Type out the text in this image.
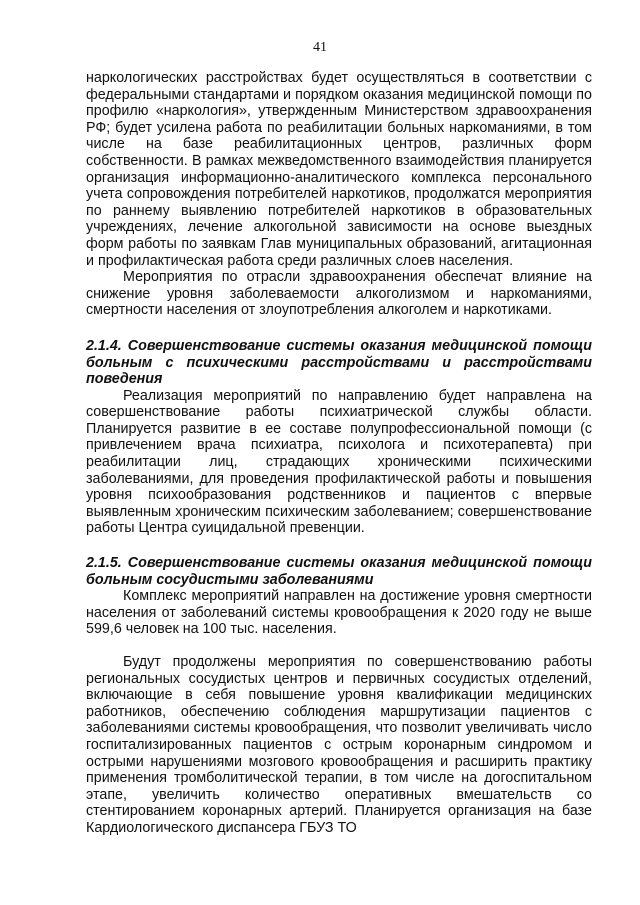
41

наркологических расстройствах будет осуществляться в соответствии с федеральными стандартами и порядком оказания медицинской помощи по профилю «наркология», утвержденным Министерством здравоохранения РФ; будет усилена работа по реабилитации больных наркоманиями, в том числе на базе реабилитационных центров, различных форм собственности. В рамках межведомственного взаимодействия планируется организация информационно-аналитического комплекса персонального учета сопровождения потребителей наркотиков, продолжатся мероприятия по раннему выявлению потребителей наркотиков в образовательных учреждениях, лечение алкогольной зависимости на основе выездных форм работы по заявкам Глав муниципальных образований, агитационная и профилактическая работа среди различных слоев населения.

Мероприятия по отрасли здравоохранения обеспечат влияние на снижение уровня заболеваемости алкоголизмом и наркоманиями, смертности населения от злоупотребления алкоголем и наркотиками.

2.1.4. Совершенствование системы оказания медицинской помощи больным с психическими расстройствами и расстройствами поведения

Реализация мероприятий по направлению будет направлена на совершенствование работы психиатрической службы области. Планируется развитие в ее составе полупрофессиональной помощи (с привлечением врача психиатра, психолога и психотерапевта) при реабилитации лиц, страдающих хроническими психическими заболеваниями, для проведения профилактической работы и повышения уровня психообразования родственников и пациентов с впервые выявленным хроническим психическим заболеванием; совершенствование работы Центра суицидальной превенции.

2.1.5. Совершенствование системы оказания медицинской помощи больным сосудистыми заболеваниями

Комплекс мероприятий направлен на достижение уровня смертности населения от заболеваний системы кровообращения к 2020 году не выше 599,6 человек на 100 тыс. населения.

Будут продолжены мероприятия по совершенствованию работы региональных сосудистых центров и первичных сосудистых отделений, включающие в себя повышение уровня квалификации медицинских работников, обеспечению соблюдения маршрутизации пациентов с заболеваниями системы кровообращения, что позволит увеличивать число госпитализированных пациентов с острым коронарным синдромом и острыми нарушениями мозгового кровообращения и расширить практику применения тромболитической терапии, в том числе на догоспитальном этапе, увеличить количество оперативных вмешательств со стентированием коронарных артерий. Планируется организация на базе Кардиологического диспансера ГБУЗ ТО
